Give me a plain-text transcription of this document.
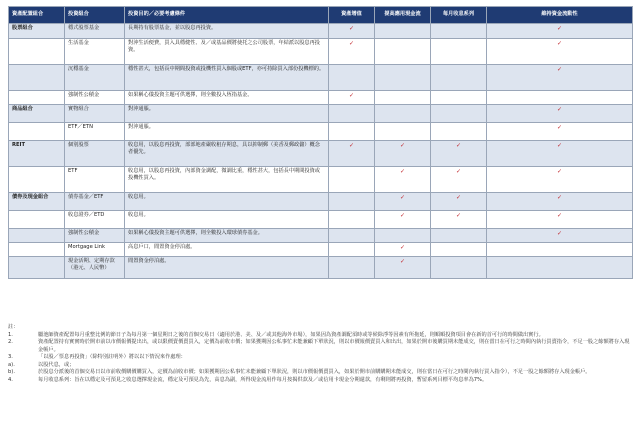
資產配置組合	投資組合	投資目的／必要考慮條件	資產增值	提高應用現金流	每月收息系列	維持資金流動性
股票組合	穩式股票基金	長期持有股票基金，並以股息再投資。	✓			✓
	生活基金	對沖生活便費，買入具穩健性、及／或基品價將使托之公司股票，年結派以股息再投資。	✓			✓
	沉穩基金	穩性甚大，包括長中期間投資或投機性買入個股或ETF，亦可持除買入部份投機標的。				✓
	強制性公積金	如果稱心儀投資主題可供選擇，則全數投入恆指基金。	✓			
商品組合	實物組合	對沖通脹。				✓
	ETF／ETN	對沖通脹。				✓
REIT	個別股票	收息用，以股息再投資，部部地產嚴收租存期息，具以抑制郵（美香及郵政儲）概念者優先。	✓	✓	✓	✓
	ETF	收息用，以股息再投資，內部資金調配，微調比重，穩性甚大，包括長中期間投資或投機性買入。		✓	✓	✓
債券及現金組合	債券基金／ETF	收息用。		✓	✓	✓
	收息證券／ETD	收息用。		✓	✓	✓
	強制性公積金	如果稱心儀投資主題可供選擇，則全數投入環球債券基金。				✓
	Mortgage Link	高息戶口，閒置資金停泊處。		✓		
	現金活期、定期存款（港元、人民幣）	閒置資金停泊處。		✓		
註：
1.	屬池師資產配置每月重整比例的節日子為每月第一個星期日之後的首個交易日（適用於港、美、及／或其他海外市場），如果因為資產調配須時或等候除淨等因素有所拖延，則順順投資項目會在新的首可行的時間做出實行。
2.	資產配置持有實實時於開市前以市價報價提出出，或以限價賣價賣買入，定價為前收市價；如果獲期因公私事忙未能兼顧下單狀況，則以市價報價賣買入和出出，如果於開市後購買期未能成交，則在當日在可行之時間內執行買賣指令，不足一股之餘額將存入現金帳戶。
3.	「以股／票息再投資」（除特別註明外）將以以下情況來作處理：
a).	以股代息，或；
b).	於股息分派後的首個交易日以市前收價購價購買入，定價為前收市價；如果獲期因公私事忙未能兼顧下單狀況，則以市價報價賣買入，如果於開市前購購期未能成交，則在當日在可行之時間內執行買入指令），不足一股之餘額將存入現金帳戶。
4.	每月收息系列：旨在以穩定及可預見之收息選擇現金流，穩定及可預見為先，高息為副，所得現金流用作每月按揭供款及／或信用卡現金分期還款，有剩則將再投資，暫留系列目標平均息率為7%。
